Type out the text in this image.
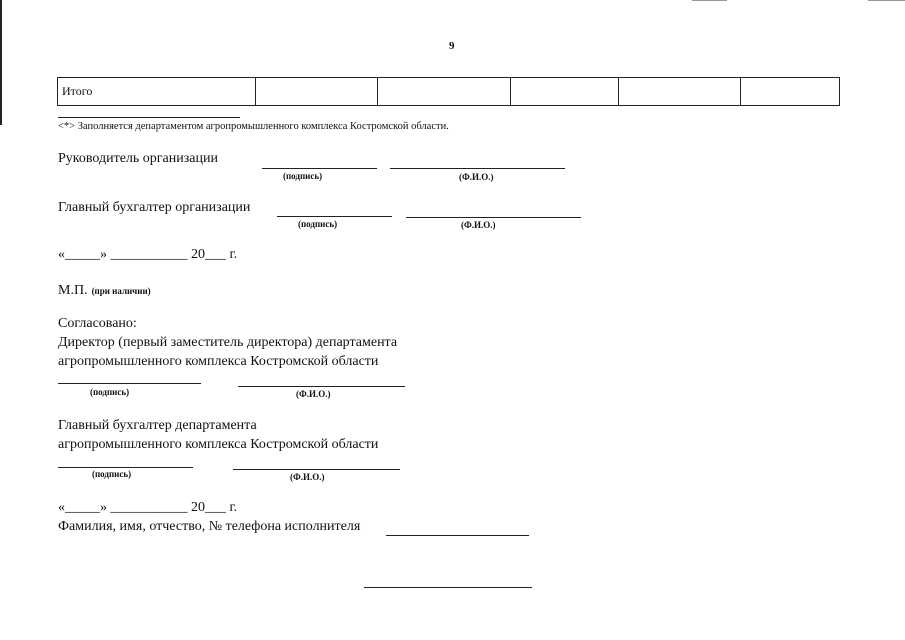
9
Итого					
<*> Заполняется департаментом агропромышленного комплекса Костромской области.
Руководитель организации
(подпись)	(Ф.И.О.)
Главный бухгалтер организации
(подпись)	(Ф.И.О.)
«_____» ___________ 20___ г.
М.П. (при наличии)
Согласовано:
Директор (первый заместитель директора) департамента
агропромышленного комплекса Костромской области
(подпись)	(Ф.И.О.)
Главный бухгалтер департамента
агропромышленного комплекса Костромской области
(подпись)	(Ф.И.О.)
«_____» ___________ 20___ г.
Фамилия, имя, отчество, № телефона исполнителя
